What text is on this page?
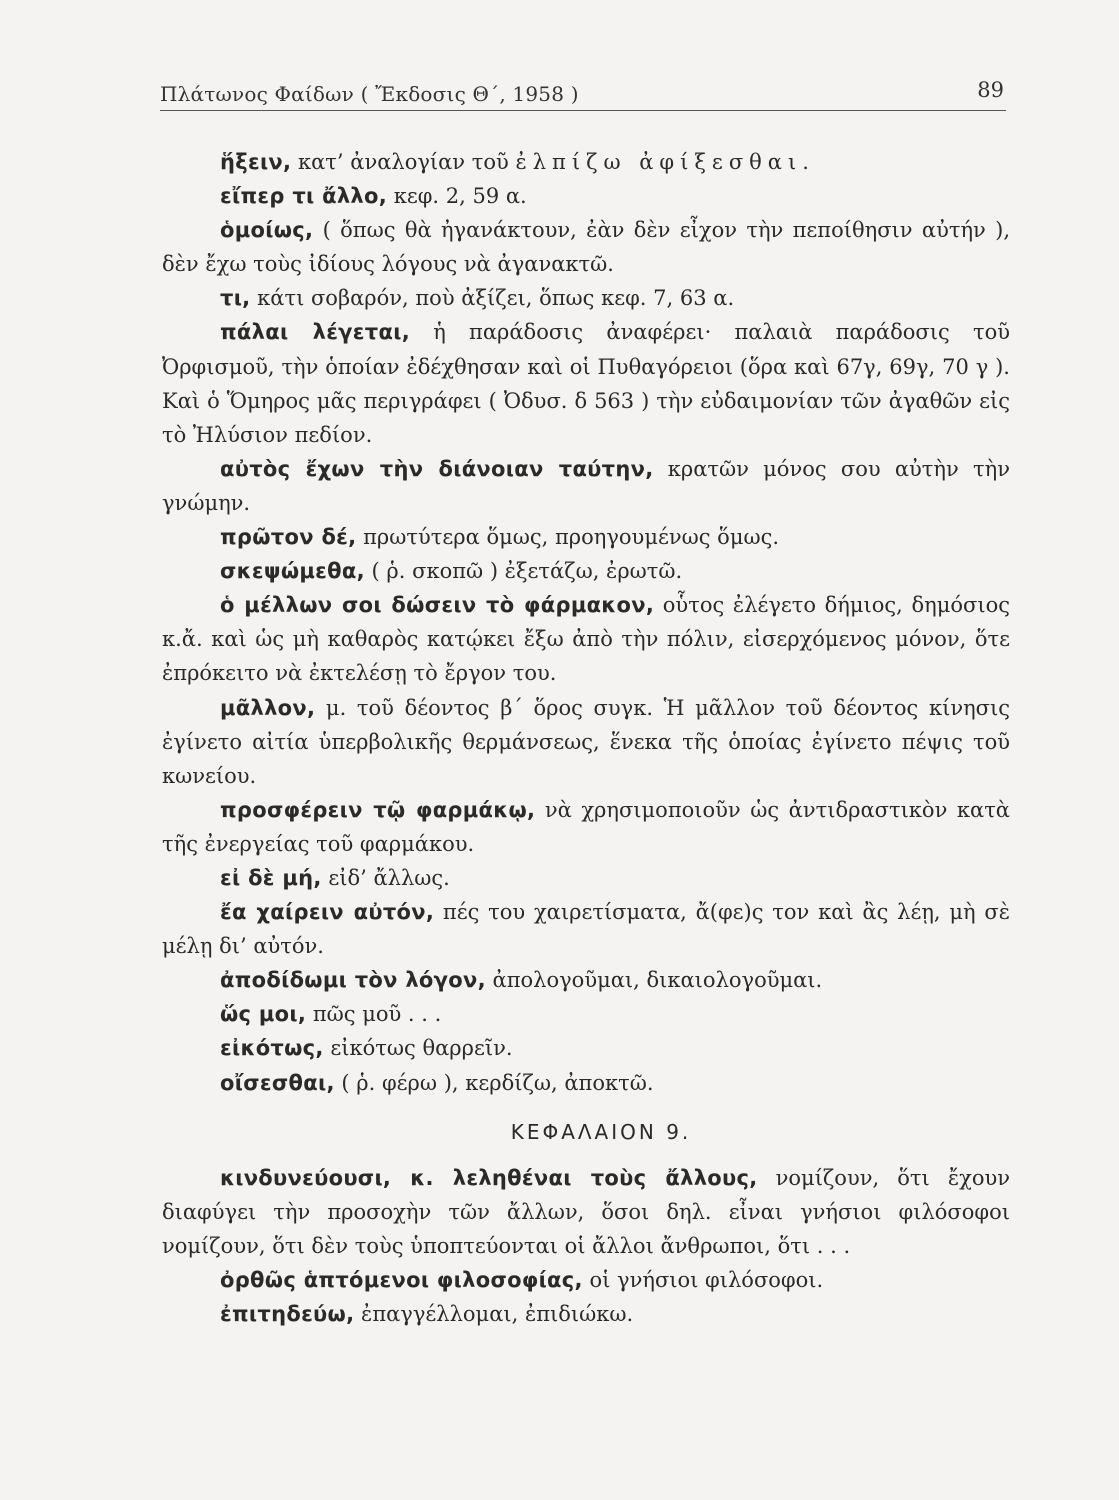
Πλάτωνος Φαίδων ( Ἔκδοσις Θ΄, 1958 )	89

ἥξειν, κατ’ ἀναλογίαν τοῦ ἐλπίζω ἀφίξεσθαι.

εἴπερ τι ἄλλο, κεφ. 2, 59 α.

ὁμοίως, ( ὅπως θὰ ἠγανάκτουν, ἐὰν δὲν εἶχον τὴν πεποίθησιν αὐτήν ), δὲν ἔχω τοὺς ἰδίους λόγους νὰ ἀγανακτῶ.

τι, κάτι σοβαρόν, ποὺ ἀξίζει, ὅπως κεφ. 7, 63 α.

πάλαι λέγεται, ἡ παράδοσις ἀναφέρει· παλαιὰ παράδοσις τοῦ Ὀρφισμοῦ, τὴν ὁποίαν ἐδέχθησαν καὶ οἱ Πυθαγόρειοι (ὅρα καὶ 67γ, 69γ, 70 γ ). Καὶ ὁ Ὅμηρος μᾶς περιγράφει ( Ὀδυσ. δ 563 ) τὴν εὐδαιμονίαν τῶν ἀγαθῶν εἰς τὸ Ἠλύσιον πεδίον.

αὐτὸς ἔχων τὴν διάνοιαν ταύτην, κρατῶν μόνος σου αὐτὴν τὴν γνώμην.

πρῶτον δέ, πρωτύτερα ὅμως, προηγουμένως ὅμως.

σκεψώμεθα, ( ῥ. σκοπῶ ) ἐξετάζω, ἐρωτῶ.

ὁ μέλλων σοι δώσειν τὸ φάρμακον, οὗτος ἐλέγετο δήμιος, δημόσιος κ.ἄ. καὶ ὡς μὴ καθαρὸς κατῴκει ἔξω ἀπὸ τὴν πόλιν, εἰσερχόμενος μόνον, ὅτε ἐπρόκειτο νὰ ἐκτελέσῃ τὸ ἔργον του.

μᾶλλον, μ. τοῦ δέοντος β΄ ὅρος συγκ. Ἡ μᾶλλον τοῦ δέοντος κίνησις ἐγίνετο αἰτία ὑπερβολικῆς θερμάνσεως, ἕνεκα τῆς ὁποίας ἐγίνετο πέψις τοῦ κωνείου.

προσφέρειν τῷ φαρμάκῳ, νὰ χρησιμοποιοῦν ὡς ἀντιδραστικὸν κατὰ τῆς ἐνεργείας τοῦ φαρμάκου.

εἰ δὲ μή, εἰδ’ ἄλλως.

ἔα χαίρειν αὐτόν, πές του χαιρετίσματα, ἄ(φε)ς τον καὶ ἂς λέῃ, μὴ σὲ μέλῃ δι’ αὐτόν.

ἀποδίδωμι τὸν λόγον, ἀπολογοῦμαι, δικαιολογοῦμαι.

ὥς μοι, πῶς μοῦ . . .

εἰκότως, εἰκότως θαρρεῖν.

οἴσεσθαι, ( ῥ. φέρω ), κερδίζω, ἀποκτῶ.

ΚΕΦΑΛΑΙΟΝ 9.

κινδυνεύουσι, κ. λεληθέναι τοὺς ἄλλους, νομίζουν, ὅτι ἔχουν διαφύγει τὴν προσοχὴν τῶν ἄλλων, ὅσοι δηλ. εἶναι γνήσιοι φιλόσοφοι νομίζουν, ὅτι δὲν τοὺς ὑποπτεύονται οἱ ἄλλοι ἄνθρωποι, ὅτι . . .

ὀρθῶς ἁπτόμενοι φιλοσοφίας, οἱ γνήσιοι φιλόσοφοι.

ἐπιτηδεύω, ἐπαγγέλλομαι, ἐπιδιώκω.
